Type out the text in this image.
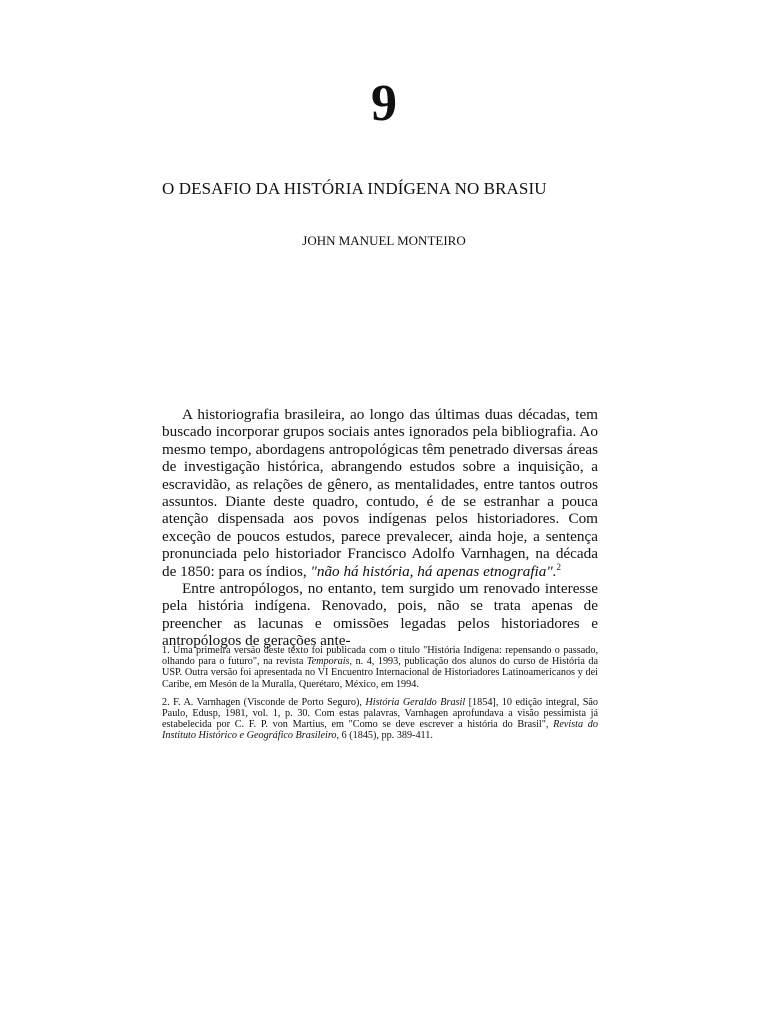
9
O DESAFIO DA HISTÓRIA INDÍGENA NO BRASIU
JOHN MANUEL MONTEIRO

A historiografia brasileira, ao longo das últimas duas décadas, tem buscado incorporar grupos sociais antes ignorados pela bibliografia. Ao mesmo tempo, abordagens antropológicas têm penetrado diversas áreas de investigação histórica, abrangendo estudos sobre a inquisição, a escravidão, as relações de gênero, as mentalidades, entre tantos outros assuntos. Diante deste quadro, contudo, é de se estranhar a pouca atenção dispensada aos povos indígenas pelos historiadores. Com exceção de poucos estudos, parece prevalecer, ainda hoje, a sentença pronunciada pelo historiador Francisco Adolfo Varnhagen, na década de 1850: para os índios, "não há história, há apenas etnografia".$^2$

Entre antropólogos, no entanto, tem surgido um renovado interesse pela história indígena. Renovado, pois, não se trata apenas de preencher as lacunas e omissões legadas pelos historiadores e antropólogos de gerações ante-

1. Uma primeira versão deste texto foi publicada com o título "História Indígena: repensando o passado, olhando para o futuro", na revista Temporais, n. 4, 1993, publicação dos alunos do curso de História da USP. Outra versão foi apresentada no VI Encuentro Internacional de Historiadores Latinoamericanos y dei Caribe, em Mesón de la Muralla, Querétaro, México, em 1994.

2. F. A. Varnhagen (Visconde de Porto Seguro), História Geraldo Brasil [1854], 10 edição integral, São Paulo, Edusp, 1981, vol. 1, p. 30. Com estas palavras, Varnhagen aprofundava a visão pessimista já estabelecida por C. F. P. von Martius, em "Como se deve escrever a história do Brasil", Revista do Instituto Histórico e Geográfico Brasileiro, 6 (1845), pp. 389-411.
